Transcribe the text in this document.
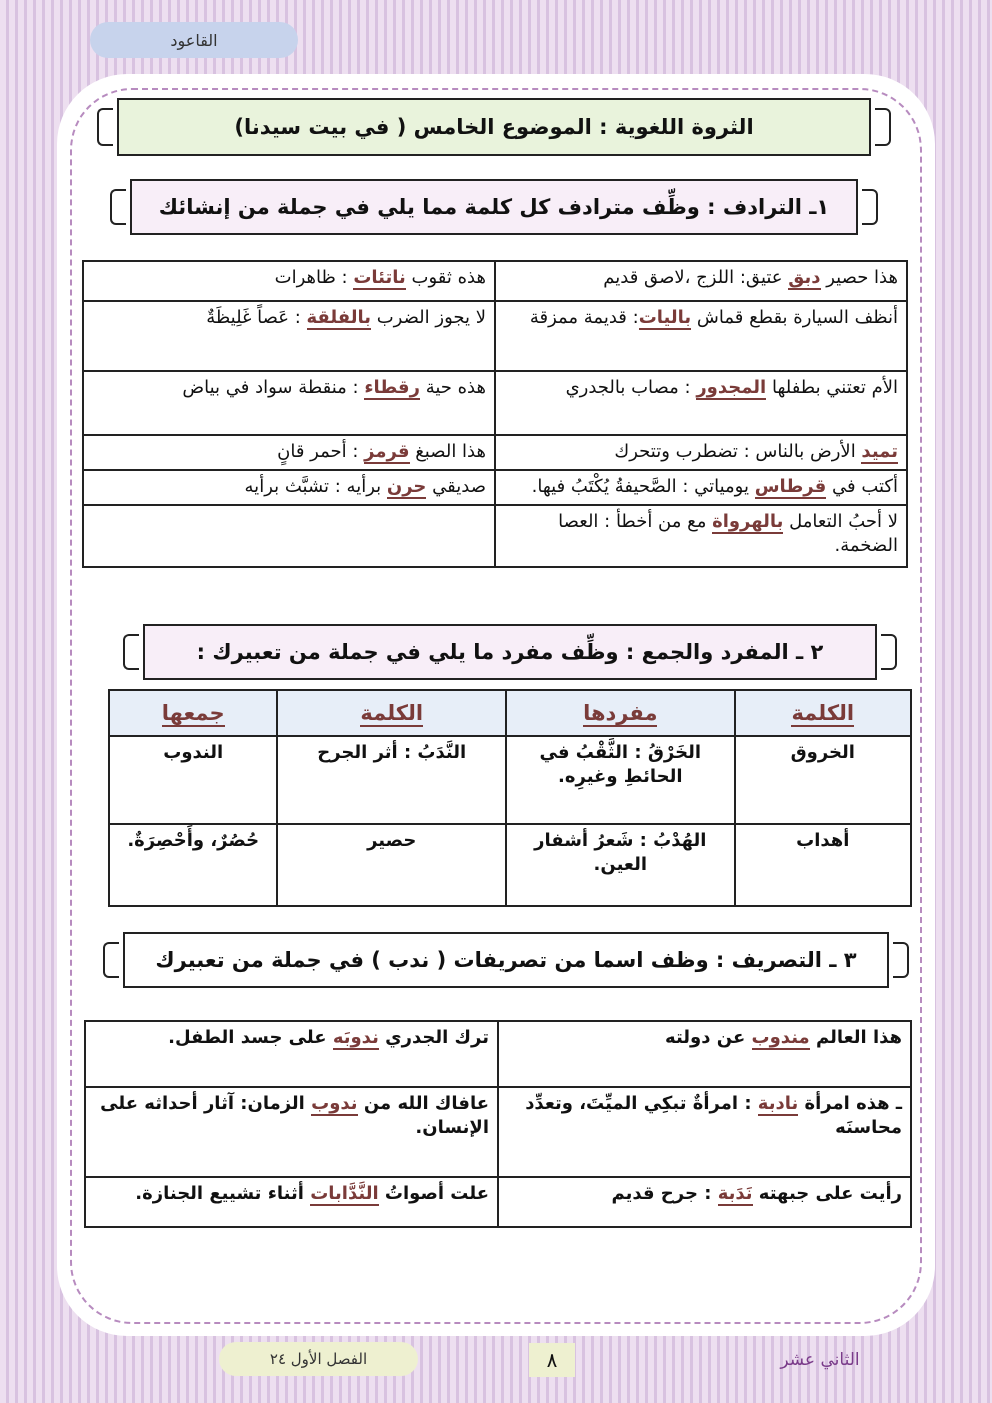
القاعود
الثروة اللغوية : الموضوع الخامس ( في بيت سيدنا)
١ـ الترادف : وظِّف مترادف كل كلمة مما يلي في جملة من إنشائك
هذا حصير دبق عتيق: اللزج ،لاصق قديم	هذه ثقوب ناتئات : ظاهرات
أنظف السيارة بقطع قماش باليات: قديمة ممزقة	لا يجوز الضرب بالفلقة : عَصاً غَلِيظَةٌ
الأم تعتني بطفلها المجدور : مصاب بالجدري	هذه حية رقطاء : منقطة سواد في بياض
تميد الأرض بالناس : تضطرب وتتحرك	هذا الصبغ قرمز : أحمر قانٍ
أكتب في قرطاس يومياتي : الصَّحيفةُ يُكْتَبُ فيها.	صديقي حرن برأيه : تشبَّث برأيه
لا أحبُ التعامل بالهرواة مع من أخطأ : العصا الضخمة.	
٢ ـ المفرد والجمع : وظِّف مفرد ما يلي في جملة من تعبيرك :
الكلمة	مفردها	الكلمة	جمعها
الخروق	الخَرْقُ : الثَّقْبُ في الحائطِ وغيرِه.	النَّدَبُ : أثر الجرح	الندوب
أهداب	الهُدْبُ : شَعرُ أشفار العين.	حصير	حُصُرٌ، وأَحْصِرَةٌ.
٣ ـ التصريف : وظف اسما من تصريفات ( ندب ) في جملة من تعبيرك
هذا العالم مندوب عن دولته	ترك الجدري ندوبَه على جسد الطفل.
ـ هذه امرأة نادبة : امرأةٌ تبكِي الميِّتَ، وتعدِّد محاسنَه	عافاك الله من ندوب الزمان: آثار أحداثه على الإنسان.
رأيت على جبهته نَدَبة : جرح قديم	علت أصواتُ النَّدَّابات أثناء تشييع الجنازة.
الفصل الأول ٢٤	٨	الثاني عشر
